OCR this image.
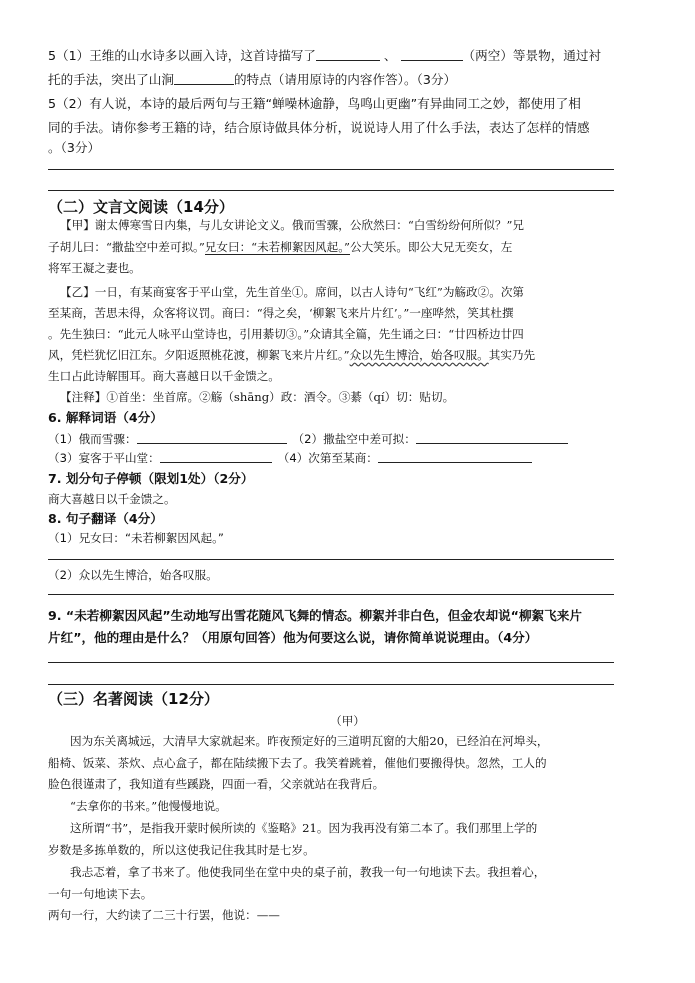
5（1）王维的山水诗多以画入诗，这首诗描写了	、	（两空）等景物，通过衬
托的手法，突出了山涧	的特点（请用原诗的内容作答）。（3分）
5（2）有人说，本诗的最后两句与王籍“蝉噪林逾静，鸟鸣山更幽”有异曲同工之妙，都使用了相
同的手法。请你参考王籍的诗，结合原诗做具体分析，说说诗人用了什么手法，表达了怎样的情感
。（3分）
（二）文言文阅读（14分）
【甲】谢太傅寒雪日内集，与儿女讲论文义。俄而雪骤，公欣然曰：“白雪纷纷何所似？”兄
子胡儿曰：“撒盐空中差可拟。”兄女曰：“未若柳絮因风起。”公大笑乐。即公大兄无奕女，左
将军王凝之妻也。
【乙】一日，有某商宴客于平山堂，先生首坐①。席间，以古人诗句“飞红”为觞政②。次第
至某商，苦思未得，众客将议罚。商曰：“得之矣，‘柳絮飞来片片红’。”一座哗然，笑其杜撰
。先生独曰：“此元人咏平山堂诗也，引用綦切③。”众请其全篇，先生诵之曰：“廿四桥边廿四
风，凭栏犹忆旧江东。夕阳返照桃花渡，柳絮飞来片片红。”众以先生博洽，始各叹服。其实乃先
生口占此诗解围耳。商大喜越日以千金馈之。
【注释】①首坐：坐首席。②觞（shāng）政：酒令。③綦（qí）切：贴切。
6. 解释词语（4分）
（1）俄而雪骤：	（2）撒盐空中差可拟：
（3）宴客于平山堂：	（4）次第至某商：
7. 划分句子停顿（限划1处）（2分）
商大喜越日以千金馈之。
8. 句子翻译（4分）
（1）兄女曰：“未若柳絮因风起。”
（2）众以先生博洽，始各叹服。
9. “未若柳絮因风起”生动地写出雪花随风飞舞的情态。柳絮并非白色，但金农却说“柳絮飞来片
片红”，他的理由是什么？（用原句回答）他为何要这么说，请你简单说说理由。（4分）
（三）名著阅读（12分）
（甲）
因为东关离城远，大清早大家就起来。昨夜预定好的三道明瓦窗的大船20，已经泊在河埠头，
船椅、饭菜、茶炊、点心盒子，都在陆续搬下去了。我笑着跳着，催他们要搬得快。忽然，工人的
脸色很谨肃了，我知道有些蹊跷，四面一看，父亲就站在我背后。
“去拿你的书来。”他慢慢地说。
这所谓“书”，是指我开蒙时候所读的《鉴略》21。因为我再没有第二本了。我们那里上学的
岁数是多拣单数的，所以这使我记住我其时是七岁。
我忐忑着，拿了书来了。他使我同坐在堂中央的桌子前，教我一句一句地读下去。我担着心，
一句一句地读下去。
两句一行，大约读了二三十行罢，他说：——
